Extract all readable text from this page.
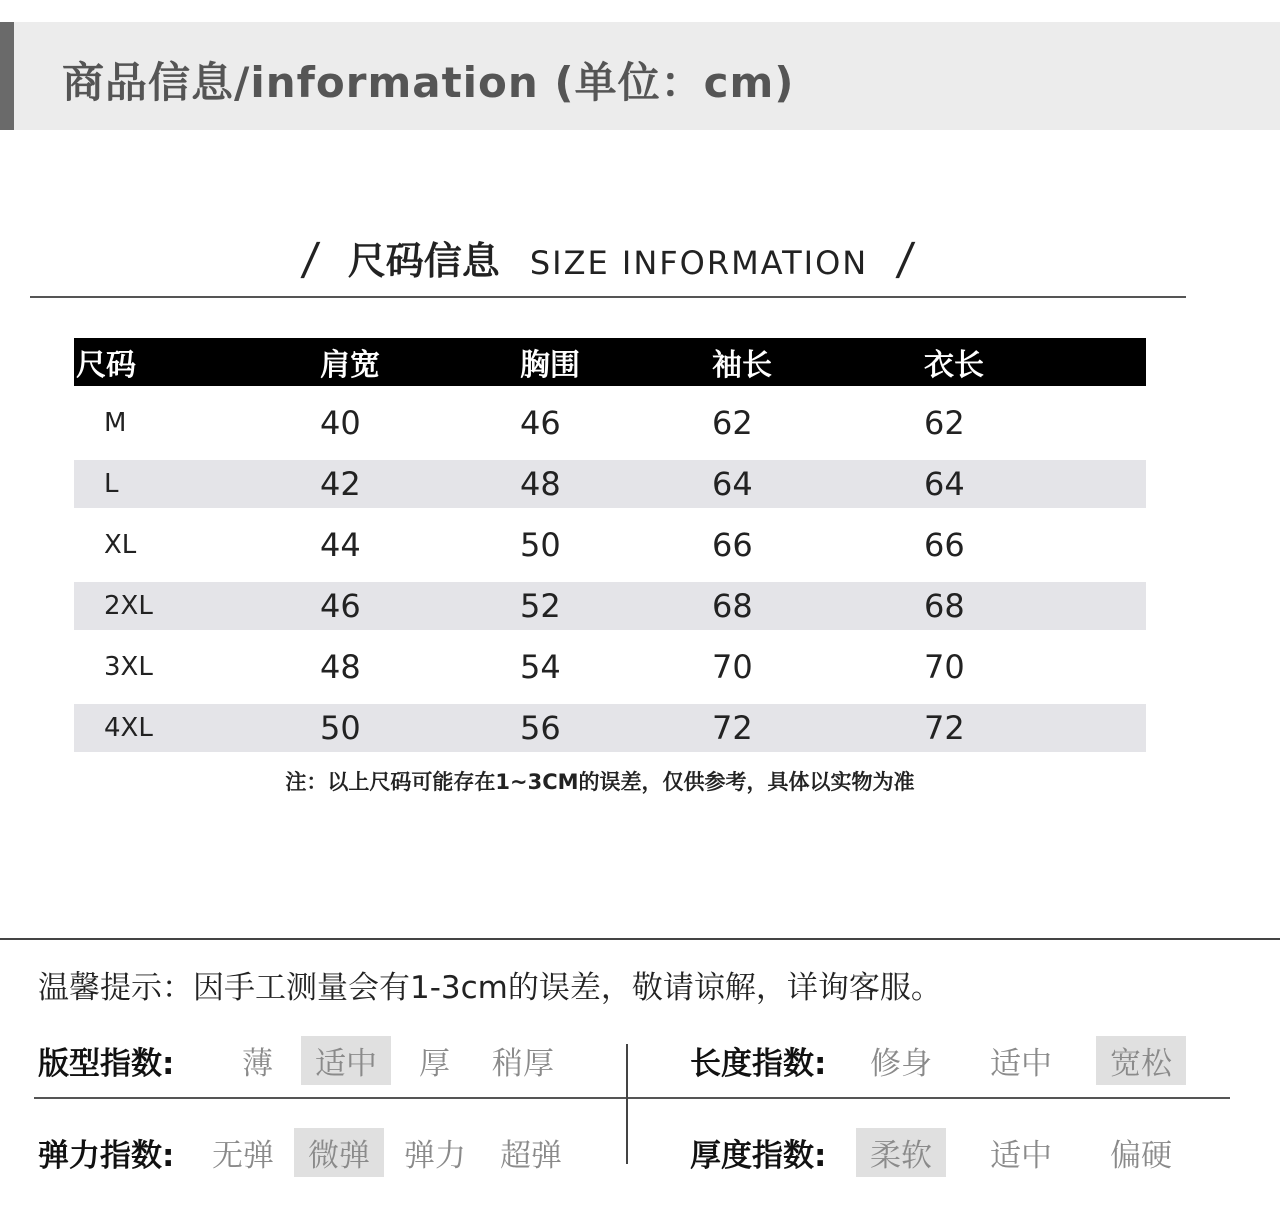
商品信息/information (单位：cm)
/ 尺码信息 SIZE INFORMATION /
尺码	肩宽	胸围	袖长	衣长
M	40	46	62	62
L	42	48	64	64
XL	44	50	66	66
2XL	46	52	68	68
3XL	48	54	70	70
4XL	50	56	72	72
注：以上尺码可能存在1~3CM的误差，仅供参考，具体以实物为准
温馨提示：因手工测量会有1-3cm的误差，敬请谅解，详询客服。
版型指数:	薄	适中	厚	稍厚	长度指数:	修身	适中	宽松
弹力指数:	无弹	微弹	弹力	超弹	厚度指数:	柔软	适中	偏硬
